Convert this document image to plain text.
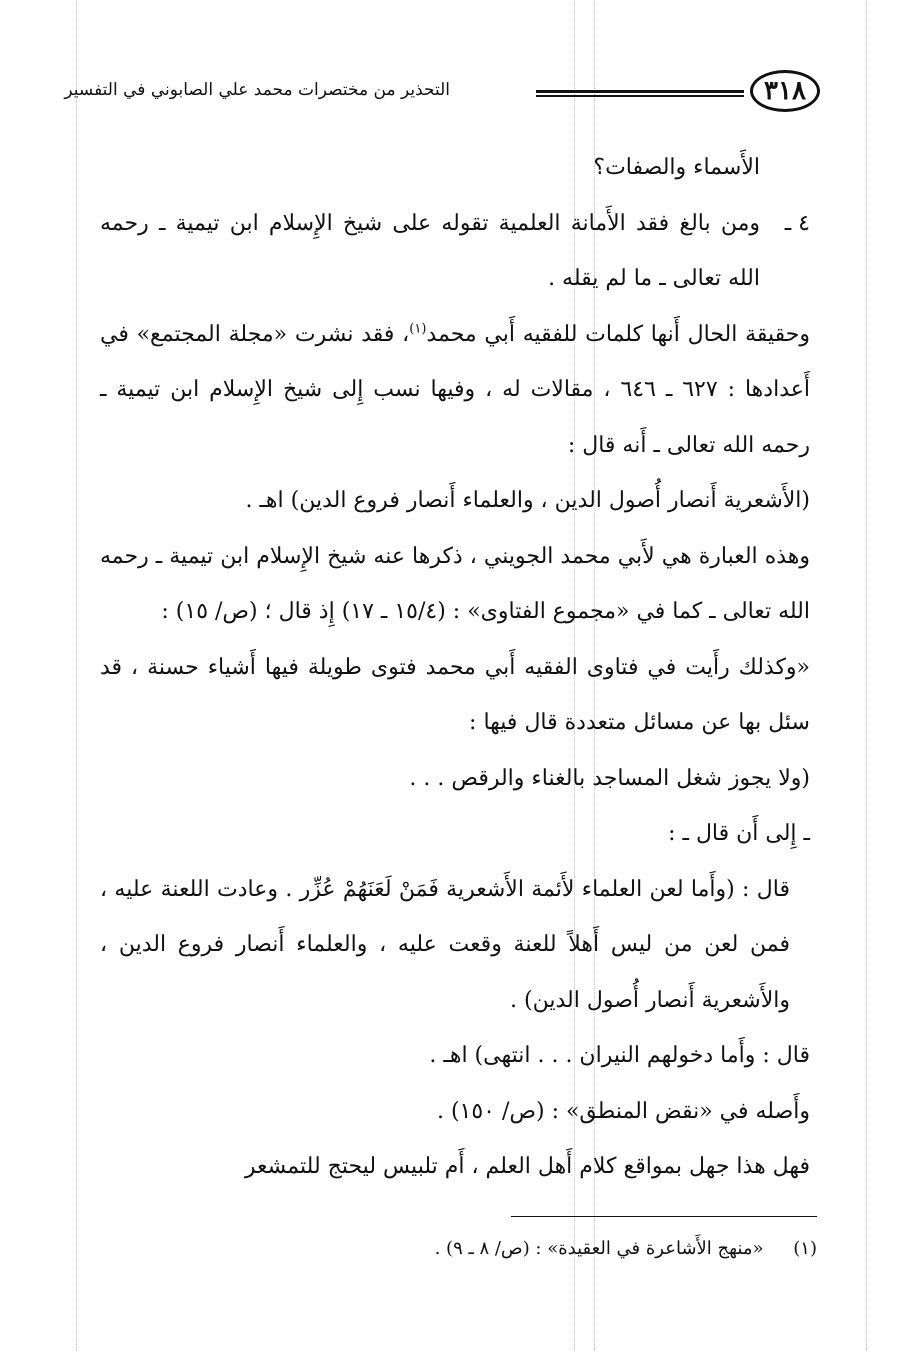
٣١٨
التحذير من مختصرات محمد علي الصابوني في التفسير

الأَسماء والصفات؟

٤ ـ
ومن بالغ فقد الأَمانة العلمية تقوله على شيخ الإِسلام ابن تيمية ـ رحمه الله تعالى ـ ما لم يقله .

وحقيقة الحال أَنها كلمات للفقيه أَبي محمد$^{(١)}$، فقد نشرت «مجلة المجتمع» في أَعدادها : ٦٢٧ ـ ٦٤٦ ، مقالات له ، وفيها نسب إِلى شيخ الإِسلام ابن تيمية ـ رحمه الله تعالى ـ أَنه قال :

(الأَشعرية أَنصار أُصول الدين ، والعلماء أَنصار فروع الدين) اهـ .

وهذه العبارة هي لأَبي محمد الجويني ، ذكرها عنه شيخ الإِسلام ابن تيمية ـ رحمه الله تعالى ـ كما في «مجموع الفتاوى» : (١٥/٤ ـ ١٧) إِذ قال ؛ (ص/ ١٥) :

«وكذلك رأَيت في فتاوى الفقيه أَبي محمد فتوى طويلة فيها أَشياء حسنة ، قد سئل بها عن مسائل متعددة قال فيها :

(ولا يجوز شغل المساجد بالغناء والرقص . . .

ـ إِلى أَن قال ـ :

قال : (وأَما لعن العلماء لأَئمة الأَشعرية فَمَنْ لَعَنَهُمْ عُزِّر . وعادت اللعنة عليه ، فمن لعن من ليس أَهلاً للعنة وقعت عليه ، والعلماء أَنصار فروع الدين ، والأَشعرية أَنصار أُصول الدين) .

قال : وأَما دخولهم النيران . . . انتهى) اهـ .

وأَصله في «نقض المنطق» : (ص/ ١٥٠) .

فهل هذا جهل بمواقع كلام أَهل العلم ، أَم تلبيس ليحتج للتمشعر

(١) «منهج الأَشاعرة في العقيدة» : (ص/ ٨ ـ ٩) .
